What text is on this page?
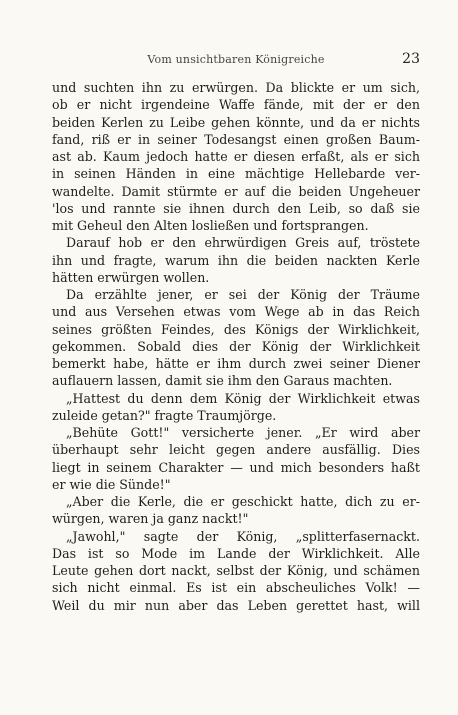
Vom unsichtbaren Königreiche	23
und suchten ihn zu erwürgen. Da blickte er um sich,
ob er nicht irgendeine Waffe fände, mit der er den
beiden Kerlen zu Leibe gehen könnte, und da er nichts
fand, riß er in seiner Todesangst einen großen Baum-
ast ab. Kaum jedoch hatte er diesen erfaßt, als er sich
in seinen Händen in eine mächtige Hellebarde ver-
wandelte. Damit stürmte er auf die beiden Ungeheuer
'los und rannte sie ihnen durch den Leib, so daß sie
mit Geheul den Alten losließen und fortsprangen.
Darauf hob er den ehrwürdigen Greis auf, tröstete
ihn und fragte, warum ihn die beiden nackten Kerle
hätten erwürgen wollen.
Da erzählte jener, er sei der König der Träume
und aus Versehen etwas vom Wege ab in das Reich
seines größten Feindes, des Königs der Wirklichkeit,
gekommen. Sobald dies der König der Wirklichkeit
bemerkt habe, hätte er ihm durch zwei seiner Diener
auflauern lassen, damit sie ihm den Garaus machten.
„Hattest du denn dem König der Wirklichkeit etwas
zuleide getan?" fragte Traumjörge.
„Behüte Gott!" versicherte jener. „Er wird aber
überhaupt sehr leicht gegen andere ausfällig. Dies
liegt in seinem Charakter — und mich besonders haßt
er wie die Sünde!"
„Aber die Kerle, die er geschickt hatte, dich zu er-
würgen, waren ja ganz nackt!"
„Jawohl," sagte der König, „splitterfasernackt.
Das ist so Mode im Lande der Wirklichkeit. Alle
Leute gehen dort nackt, selbst der König, und schämen
sich nicht einmal. Es ist ein abscheuliches Volk! —
Weil du mir nun aber das Leben gerettet hast, will
